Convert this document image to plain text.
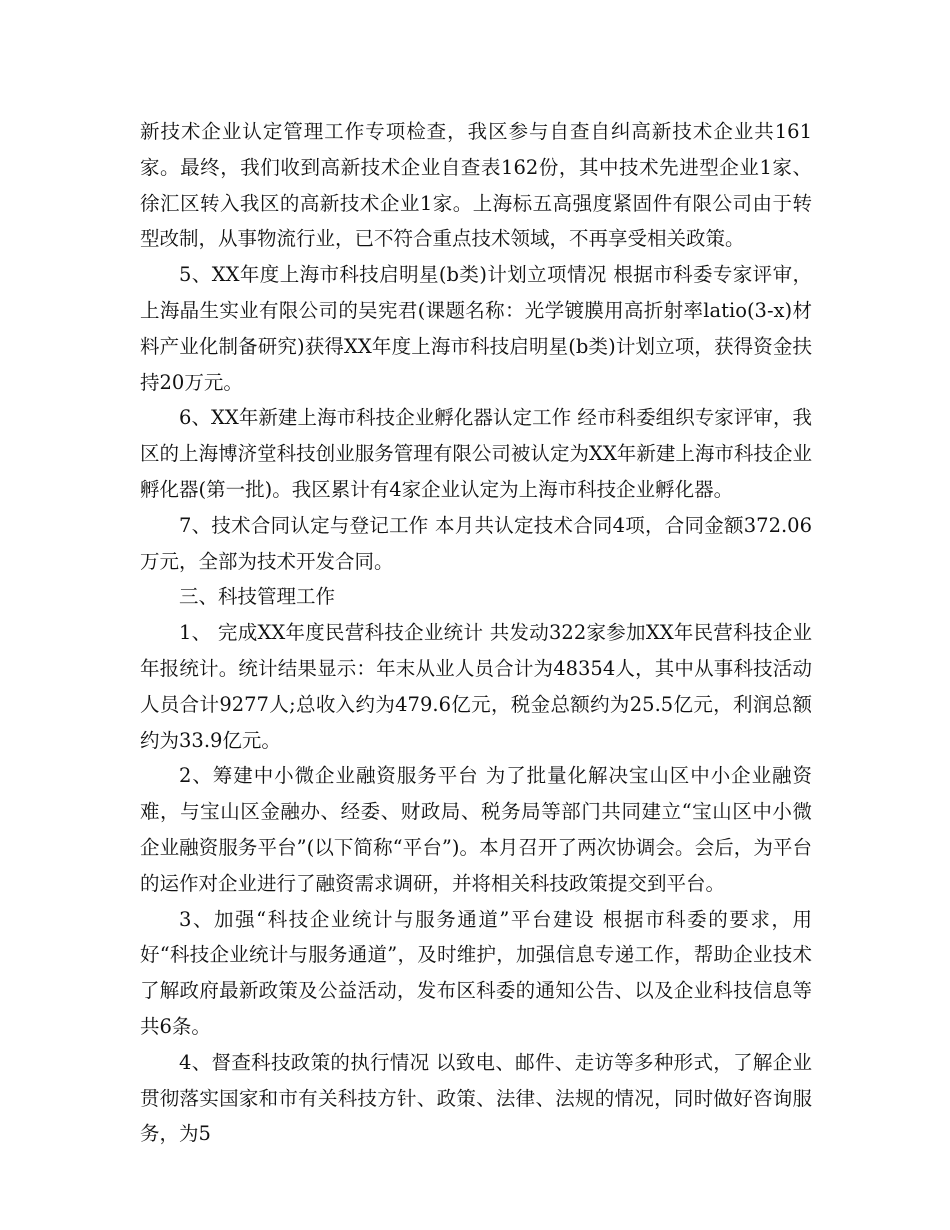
新技术企业认定管理工作专项检查，我区参与自查自纠高新技术企业共161家。最终，我们收到高新技术企业自查表162份，其中技术先进型企业1家、徐汇区转入我区的高新技术企业1家。上海标五高强度紧固件有限公司由于转型改制，从事物流行业，已不符合重点技术领域，不再享受相关政策。

5、XX年度上海市科技启明星(b类)计划立项情况 根据市科委专家评审，上海晶生实业有限公司的吴宪君(课题名称：光学镀膜用高折射率latio(3-x)材料产业化制备研究)获得XX年度上海市科技启明星(b类)计划立项，获得资金扶持20万元。

6、XX年新建上海市科技企业孵化器认定工作 经市科委组织专家评审，我区的上海博济堂科技创业服务管理有限公司被认定为XX年新建上海市科技企业孵化器(第一批)。我区累计有4家企业认定为上海市科技企业孵化器。

7、技术合同认定与登记工作 本月共认定技术合同4项，合同金额372.06万元，全部为技术开发合同。

三、科技管理工作

1、 完成XX年度民营科技企业统计 共发动322家参加XX年民营科技企业年报统计。统计结果显示：年末从业人员合计为48354人，其中从事科技活动人员合计9277人;总收入约为479.6亿元，税金总额约为25.5亿元，利润总额约为33.9亿元。

2、筹建中小微企业融资服务平台 为了批量化解决宝山区中小企业融资难，与宝山区金融办、经委、财政局、税务局等部门共同建立“宝山区中小微企业融资服务平台”(以下简称“平台”)。本月召开了两次协调会。会后，为平台的运作对企业进行了融资需求调研，并将相关科技政策提交到平台。

3、加强“科技企业统计与服务通道”平台建设 根据市科委的要求，用好“科技企业统计与服务通道”，及时维护，加强信息专递工作，帮助企业技术了解政府最新政策及公益活动，发布区科委的通知公告、以及企业科技信息等共6条。

4、督查科技政策的执行情况 以致电、邮件、走访等多种形式，了解企业贯彻落实国家和市有关科技方针、政策、法律、法规的情况，同时做好咨询服务，为5
